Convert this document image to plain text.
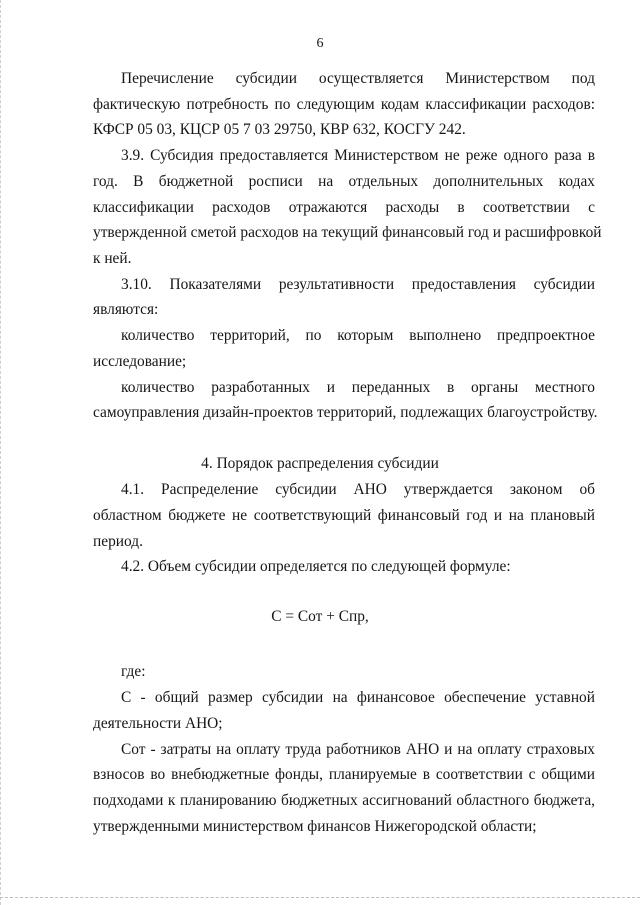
6
Перечисление субсидии осуществляется Министерством под
фактическую потребность по следующим кодам классификации расходов:
КФСР 05 03, КЦСР 05 7 03 29750, КВР 632, КОСГУ 242.
3.9. Субсидия предоставляется Министерством не реже одного раза в
год. В бюджетной росписи на отдельных дополнительных кодах
классификации расходов отражаются расходы в соответствии с
утвержденной сметой расходов на текущий финансовый год и расшифровкой
к ней.
3.10. Показателями результативности предоставления субсидии
являются:
количество территорий, по которым выполнено предпроектное
исследование;
количество разработанных и переданных в органы местного
самоуправления дизайн-проектов территорий, подлежащих благоустройству.
4. Порядок распределения субсидии
4.1. Распределение субсидии АНО утверждается законом об
областном бюджете не соответствующий финансовый год и на плановый
период.
4.2. Объем субсидии определяется по следующей формуле:
С = Сот + Спр,
где:
С - общий размер субсидии на финансовое обеспечение уставной
деятельности АНО;
Сот - затраты на оплату труда работников АНО и на оплату страховых
взносов во внебюджетные фонды, планируемые в соответствии с общими
подходами к планированию бюджетных ассигнований областного бюджета,
утвержденными министерством финансов Нижегородской области;
